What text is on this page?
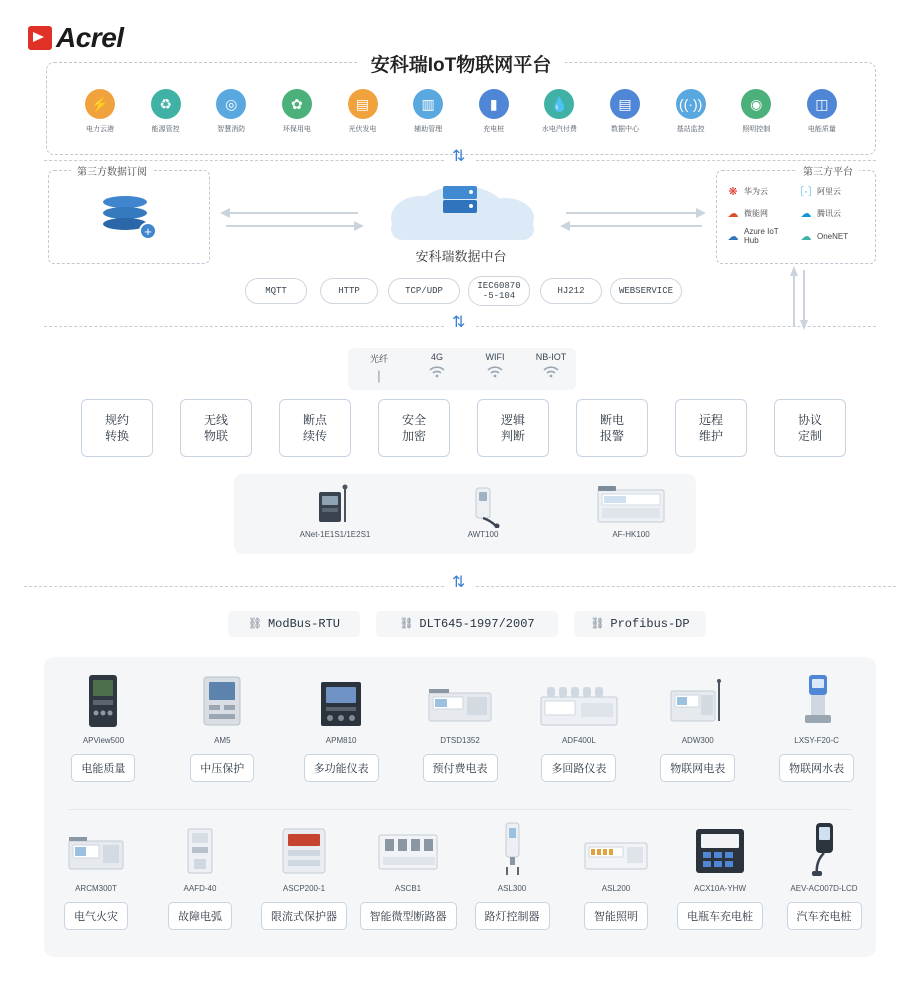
Acrel
安科瑞IoT物联网平台
⚡
电力云港
♻
能源管控
◎
智慧消防
✿
环保用电
▤
光伏发电
▥
辅助管理
▮
充电桩
💧
水电汽付费
▤
数据中心
((·))
基站监控
◉
照明控制
◫
电能质量
⇅
第三方数据订阅
+
安科瑞数据中台
第三方平台
❋ 华为云 〔·〕
阿里云
☁ 微能网	☁ 腾讯云
☁ Azure IoT Hub	☁ OneNET
MQTT	HTTP	TCP/UDP
IEC60870
-5-104
HJ212	WEBSERVICE
⇅
光纤
|
4G	WIFI	NB-IOT
规约
转换
无线
物联
断点
续传
安全
加密
逻辑
判断
断电
报警
远程
维护
协议
定制
ANet-1E1S1/1E2S1	AWT100	AF-HK100
⇅
⛓ ModBus-RTU	⛓ DLT645-1997/2007	⛓ Profibus-DP
APView500
电能质量
AM5
中压保护
APM810
多功能仪表
DTSD1352
预付费电表
ADF400L
多回路仪表
ADW300
物联网电表
LXSY-F20-C
物联网水表
ARCM300T
电气火灾
AAFD-40
故障电弧
ASCP200-1
限流式保护器
ASCB1
智能微型断路器
ASL300
路灯控制器
ASL200
智能照明
ACX10A-YHW
电瓶车充电桩
AEV-AC007D-LCD
汽车充电桩
